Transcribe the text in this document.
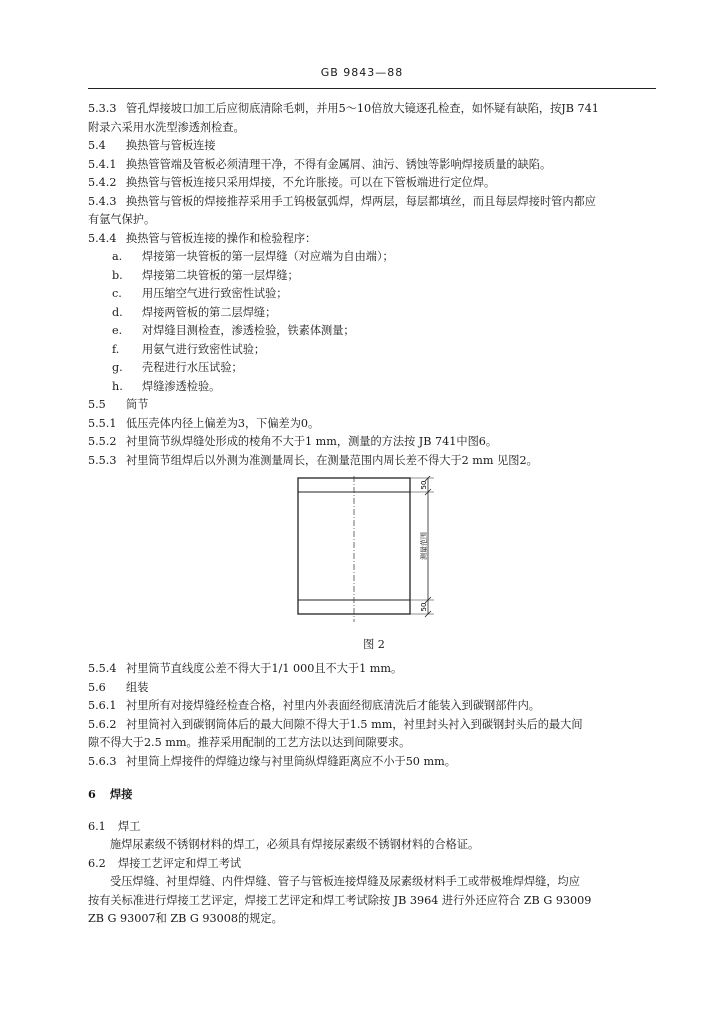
GB 9843—88
5.3.3 管孔焊接坡口加工后应彻底清除毛刺，并用5～10倍放大镜逐孔检查，如怀疑有缺陷，按JB 741
附录六采用水洗型渗透剂检查。
5.4 换热管与管板连接
5.4.1 换热管管端及管板必须清理干净，不得有金属屑、油污、锈蚀等影响焊接质量的缺陷。
5.4.2 换热管与管板连接只采用焊接，不允许胀接。可以在下管板端进行定位焊。
5.4.3 换热管与管板的焊接推荐采用手工钨极氩弧焊，焊两层，每层都填丝，而且每层焊接时管内都应
有氩气保护。
5.4.4 换热管与管板连接的操作和检验程序：
a. 焊接第一块管板的第一层焊缝（对应端为自由端）；
b. 焊接第二块管板的第一层焊缝；
c. 用压缩空气进行致密性试验；
d. 焊接两管板的第二层焊缝；
e. 对焊缝目测检查，渗透检验，铁素体测量；
f. 用氨气进行致密性试验；
g. 壳程进行水压试验；
h. 焊缝渗透检验。
5.5 筒节
5.5.1 低压壳体内径上偏差为3，下偏差为0。
5.5.2 衬里筒节纵焊缝处形成的棱角不大于1 mm，测量的方法按 JB 741中图6。
5.5.3 衬里筒节组焊后以外测为准测量周长，在测量范围内周长差不得大于2 mm 见图2。
50
测量范围
50
图 2
5.5.4 衬里筒节直线度公差不得大于1/1 000且不大于1 mm。
5.6 组装
5.6.1 衬里所有对接焊缝经检查合格，衬里内外表面经彻底清洗后才能装入到碳钢部件内。
5.6.2 衬里筒衬入到碳钢筒体后的最大间隙不得大于1.5 mm，衬里封头衬入到碳钢封头后的最大间
隙不得大于2.5 mm。推荐采用配制的工艺方法以达到间隙要求。
5.6.3 衬里筒上焊接件的焊缝边缘与衬里筒纵焊缝距离应不小于50 mm。
6 焊接
6.1 焊工
施焊尿素级不锈钢材料的焊工，必须具有焊接尿素级不锈钢材料的合格证。
6.2 焊接工艺评定和焊工考试
受压焊缝、衬里焊缝、内件焊缝、管子与管板连接焊缝及尿素级材料手工或带极堆焊焊缝，均应
按有关标准进行焊接工艺评定，焊接工艺评定和焊工考试除按 JB 3964 进行外还应符合 ZB G 93009
ZB G 93007和 ZB G 93008的规定。
